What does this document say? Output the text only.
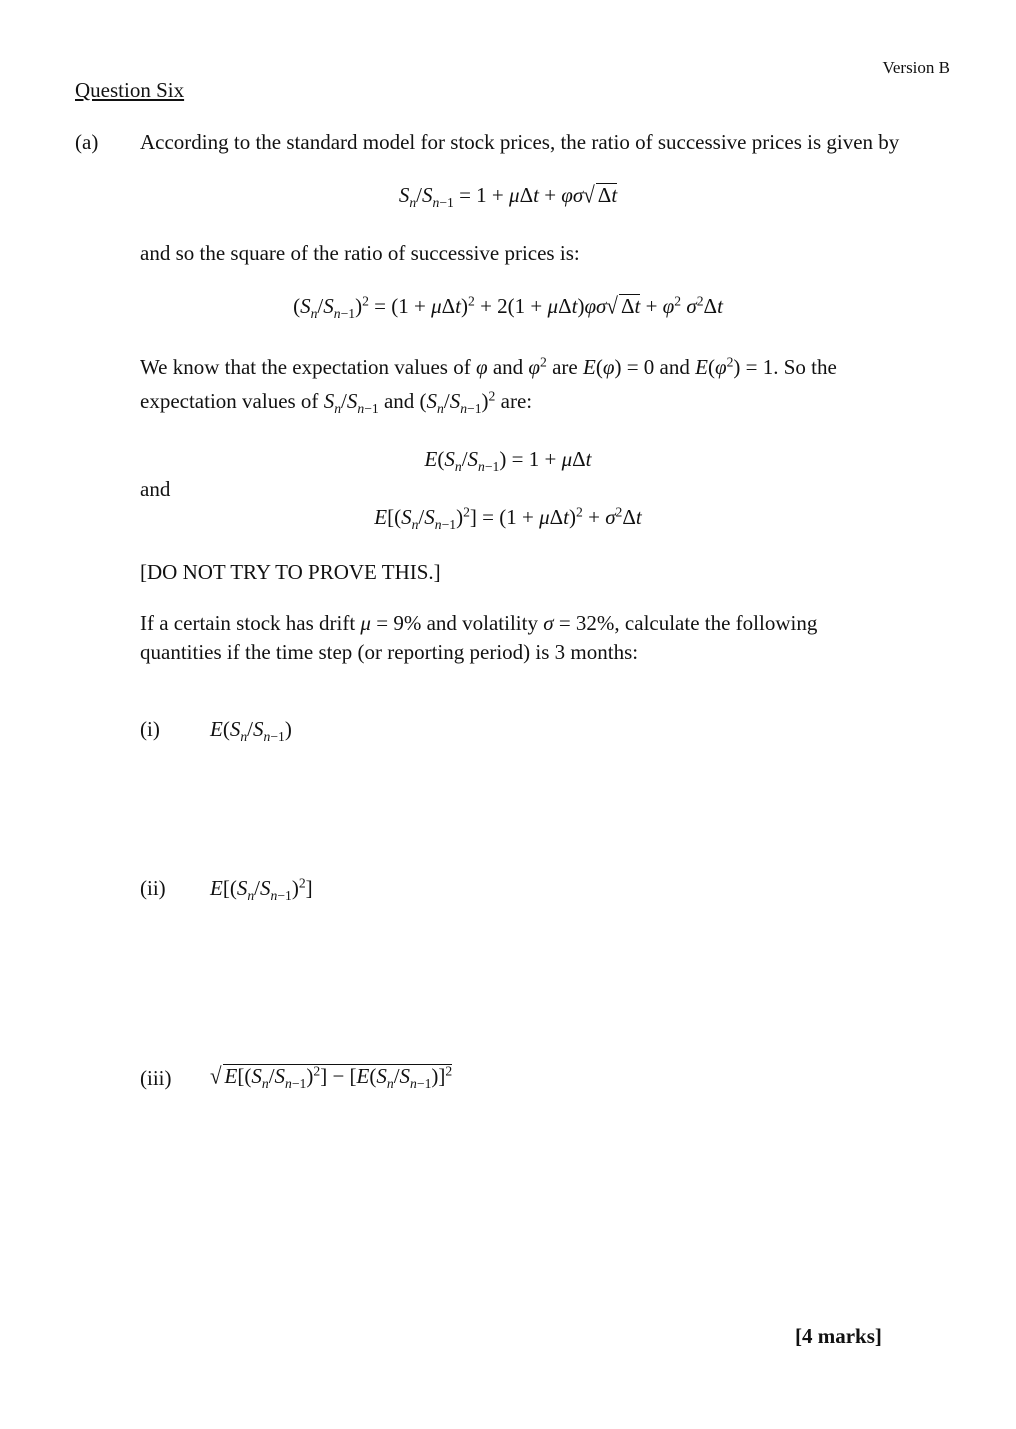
Version B
Question Six
(a) According to the standard model for stock prices, the ratio of successive prices is given by
$S_n/S_{n-1} = 1 + \mu\Delta t + \varphi\sigma√$ Δt
and so the square of the ratio of successive prices is:
$(S_n/S_{n-1})^2 = (1 + \mu\Delta t)^2 + 2(1 + \mu\Delta t)\varphi\sigma√$ $\Delta t + \varphi^2$ $\sigma^2\Delta t$
We know that the expectation values of φ and $\varphi^2$ are E(φ) = 0 and $E(\varphi^2) = 1$. So the
expectation values of $S_n/S_{n-1}$ and $(S_n/S_{n-1})^2$ are:
$E(S_n/S_{n-1}) = 1 + \mu\Delta t$
and
$E[(S_n/S_{n-1})^2] = (1 + \mu\Delta t)^2 + \sigma^2\Delta t$
[DO NOT TRY TO PROVE THIS.]
If a certain stock has drift μ = 9% and volatility σ = 32%, calculate the following
quantities if the time step (or reporting period) is 3 months:
(i) $E(S_n/S_{n-1})$
(ii) $E[(S_n/S_{n-1})^2]$
(iii) √ $E[(S_n/S_{n-1})^2] - [E(S_n/S_{n-1})]^2$
[4 marks]
